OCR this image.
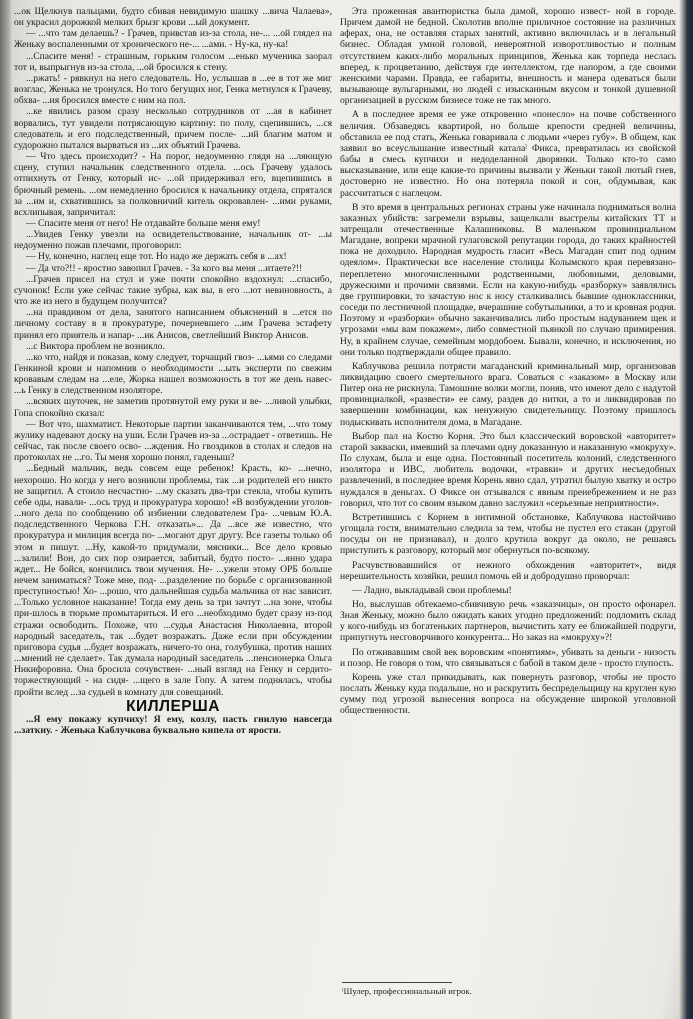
...ок Щелкнув пальцами, будто сбивая невидимую шашку ...вича Чалаева», он украсил дорожкой мелких брызг крови ...ый документ.

— ...что там делаешь? - Грачев, привстав из-за стола, не-... ...ой глядел на Женьку воспаленными от хронического не-... ...ами. - Ну-ка, ну-ка!

...Спасите меня! - страшным, горьким голосом ...енько мученика заорал тот и, выпрыгнув из-за стола, ...ой бросился к стену.

...ржать! - рявкнул на него следователь. Но, услышав в ...ее в тот же миг возглас, Женька не тронулся. Но того бегущих ног, Генка метнулся к Грачеву, обхва- ...ия бросился вместе с ним на пол.

...ке явились разом сразу несколько сотрудников от ...ая в кабинет ворвались, тут увидели потрясающую картину: по полу, сцепившись, ...ся следователь и его подследственный, причем после- ...ий благим матом и судорожно пытался вырваться из ...их объятий Грачева.

— Что здесь происходит? - На порог, недоуменно глядя на ...ляющую сцену, ступил начальник следственного отдела. ...ось Грачеву удалось отпихнуть от Генку, который ис- ...ой придерживал его, вцепившись в брючный ремень. ...ом немедленно бросился к начальнику отдела, спрятался за ...им и, схватившись за полковничий китель окровавлен- ...ими руками, всхлипывая, запричитал:

— Спасите меня от него! Не отдавайте больше меня ему!

...Увидев Генку увезли на освидетельствование, начальник от- ...ы недоуменно пожав плечами, проговорил:

— Ну, конечно, наглец еще тот. Но надо же держать себя в ...ах!

— Да что?!! - яростно завопил Грачев. - За кого вы меня ...итаете?!!

...Грачев присел на стул и уже почти спокойно вздохнул: ...спасибо, сучонок! Если уже сейчас такие зубры, как вы, в его ...ют невиновность, а что же из него в будущем получится?

...на правдивом от дела, занятого написанием объяснений в ...ется по личному составу в в прокуратуре, почерневшего ...им Грачева эстафету принял его приятель и напар- ...ик Анисов, светлейший Виктор Анисов.

...с Виктора проблем не возникло.

...ко что, найдя и показав, кому следует, торчащий гвоз- ...ьями со следами Генкиной крови и напомнив о необходимости ...ыть эксперти по свежим кровавым следам на ...еле, Жорка нашел возможность в тот же день навес- ...ь Генку в следственном изоляторе.

...всяких шуточек, не заметив протянутой ему руки и ве- ...ливой улыбки, Гопа спокойно сказал:

— Вот что, шахматист. Некоторые партии заканчиваются тем, ...что тому жулику надевают доску на уши. Если Грачев из-за ...острадает - ответишь. Не сейчас, так после своего осво- ...ждения. Но гвоздиков в столах и следов на протоколах не ...го. Ты меня хорошо понял, гаденыш?

...Бедный мальчик, ведь совсем еще ребенок! Красть, ко- ...нечно, нехорошо. Но когда у него возникли проблемы, так ...и родителей его никто не защитил. А стоило несчастно- ...му сказать два-три стекла, чтобы купить себе оды, навали- ...ось труд и прокуратура хорошо! «В возбуждении уголов- ...ного дела по сообщению об избиении следователем Гра- ...чевым Ю.А. подследственного Черкова Г.Н. отказать»... Да ...все же известно, что прокуратура и милиция всегда по- ...могают друг другу. Все газеты только об этом и пишут. ...Ну, какой-то придумали, мясники... Все дело кровью ...залили! Вон, до сих пор озирается, забитый, будто посто- ...янно удара ждет... Не бойся, кончились твои мучения. Не- ...ужели этому ОРБ больше нечем заниматься? Тоже мне, под- ...разделение по борьбе с организованной преступностью! Хо- ...рошо, что дальнейшая судьба мальчика от нас зависит. ...Только условное наказание! Тогда ему день за три зачтут ...на зоне, чтобы при-шлось в тюрьме промытариться. И его ...необходимо будет сразу из-под стражи освободить. Похоже, что ...судья Анастасия Николаевна, второй народный заседатель, так ...будет возражать. Даже если при обсуждении приговора судья ...будет возражать, ничего-то она, голубушка, против наших ...мнений не сделает». Так думала народный заседатель ...пенсионерка Ольга Никифоровна. Она бросила сочувствен- ...ный взгляд на Генку и сердито-торжествующий - на сидя- ...щего в зале Гопу. А затем поднялась, чтобы пройти вслед ...за судьей в комнату для совещаний.

КИЛЛЕРША

...Я ему покажу купчиху! Я ему, козлу, пасть гнилую навсегда ...заткну. - Женька Каблучкова буквально кипела от ярости.

Эта проженная авантюристка была дамой, хорошо извест- ной в городе. Причем дамой не бедной. Сколотив вполне приличное состояние на различных аферах, она, не оставляя старых занятий, активно включилась и в легальный бизнес. Обладая умной головой, невероятной изворотливостью и полным отсутствием каких-либо моральных принципов, Женька как торпеда неслась вперед, к процветанию, действуя где интеллектом, где напором, а где своими женскими чарами. Правда, ее габариты, внешность и манера одеваться были вызывающе вульгарными, но людей с изысканным вкусом и тонкой душевной организацией в русском бизнесе тоже не так много.

А в последнее время ее уже откровенно «понесло» на почве собственного величия. Обзаведясь квартирой, но больше крепости средней величины, обставила ее под стать, Женька говаривала с людьми «через губу». В общем, как заявил во всеуслышание известный каталаˡ Фикса, превратилась из свойской бабы в смесь купчихи и недоделанной дворянки. Только кто-то само высказывание, или еще какие-то причины вызвали у Женьки такой лютый гнев, достоверно не известно. Но она потеряла покой и сон, обдумывая, как рассчитаться с наглецом.

В это время в центральных регионах страны уже начинала подниматься волна заказных убийств: загремели взрывы, защелкали выстрелы китайских ТТ и затрещали отечественные Калашниковы. В маленьком провинциальном Магадане, вопреки мрачной гулаговской репутации города, до таких крайностей пока не доходило. Народная мудрость гласит «Весь Магадан спит под одним одеялом». Практически все население столицы Колымского края перевязано-переплетено многочисленными родственными, любовными, деловыми, дружескими и прочими связями. Если на какую-нибудь «разборку» заявлялись две группировки, то зачастую нос к носу сталкивались бывшие одноклассники, соседи по лестничной площадке, вчерашние собутыльники, а то и кровная родня. Поэтому и «разборки» обычно заканчивались либо простым надуванием щек и угрозами «мы вам покажем», либо совместной пьянкой по случаю примирения. Ну, в крайнем случае, семейным мордобоем. Бывали, конечно, и исключения, но они только подтверждали общее правило.

Каблучкова решила потрясти магаданский криминальный мир, организовав ликвидацию своего смертельного врага. Соваться с «заказом» в Москву или Питер она не рискнула. Тамошние волки могли, поняв, что имеют дело с надутой провинциалкой, «развести» ее саму, раздев до нитки, а то и ликвидировав по завершении комбинации, как ненужную свидетельницу. Поэтому пришлось подыскивать исполнителя дома, в Магадане.

Выбор пал на Костю Корня. Это был классический воровской «авторитет» старой закваски, имевший за плечами одну доказанную и наказанную «мокруху». По слухам, была и еще одна. Постоянный посетитель колоний, следственного изолятора и ИВС, любитель водочки, «травки» и других несъедобных развлечений, в последнее время Корень явно сдал, утратил былую хватку и остро нуждался в деньгах. О Фиксе он отзывался с явным пренебрежением и не раз говорил, что тот со своим языком давно заслужил «серьезные неприятности».

Встретившись с Корнем в интимной обстановке, Каблучкова настойчиво угощала гостя, внимательно следила за тем, чтобы не пустел его стакан (другой посуды он не признавал), и долго крутила вокруг да около, не решаясь приступить к разговору, который мог обернуться по-всякому.

Расчувствовавшийся от нежного обхождения «авторитет», видя нерешительность хозяйки, решил помочь ей и добродушно проворчал:

— Ладно, выкладывай свои проблемы!

Но, выслушав обтекаемо-сбивчивую речь «заказчицы», он просто офонарел. Зная Женьку, можно было ожидать каких угодно предложений: подломить склад у кого-нибудь из богатеньких партнеров, вычистить хату ее ближайшей подруги, припугнуть несговорчивого конкурента... Но заказ на «мокруху»?!

По отживавшим свой век воровским «понятиям», убивать за деньги - низость и позор. Не говоря о том, что связываться с бабой в таком деле - просто глупость.

Корень уже стал прикидывать, как повернуть разговор, чтобы не просто послать Женьку куда подальше, но и раскрутить беспредельщицу на круглен кую сумму под угрозой вынесения вопроса на обсуждение широкой уголовной общественности.

ˡШулер, профессиональный игрок.
